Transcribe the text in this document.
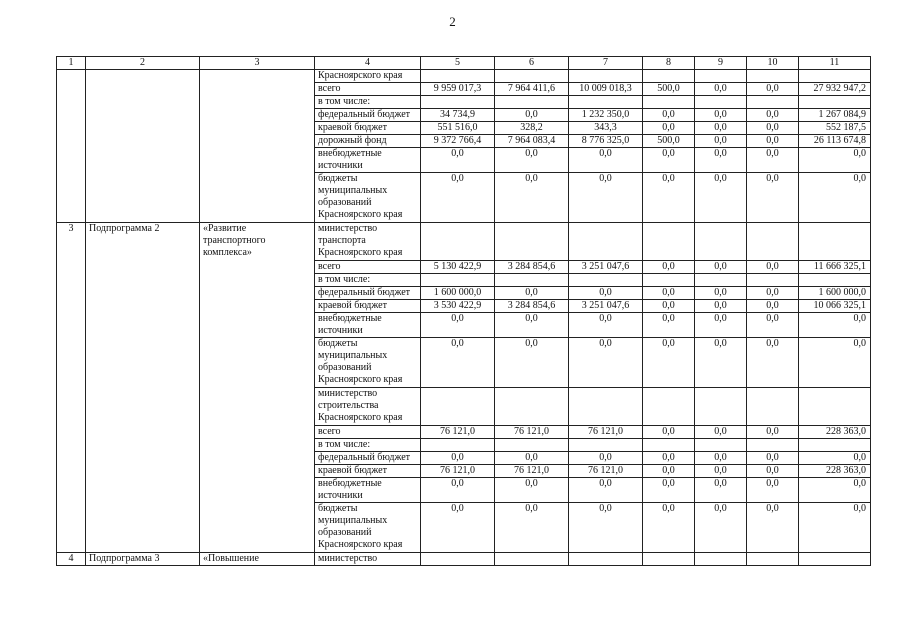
2
1	2	3	4	5	6	7	8	9	10	11
			Красноярского края							
			всего	9 959 017,3	7 964 411,6	10 009 018,3	500,0	0,0	0,0	27 932 947,2
			в том числе:							
			федеральный бюджет	34 734,9	0,0	1 232 350,0	0,0	0,0	0,0	1 267 084,9
			краевой бюджет	551 516,0	328,2	343,3	0,0	0,0	0,0	552 187,5
			дорожный фонд	9 372 766,4	7 964 083,4	8 776 325,0	500,0	0,0	0,0	26 113 674,8
			внебюджетные источники	0,0	0,0	0,0	0,0	0,0	0,0	0,0
			бюджеты муниципальных образований Красноярского края	0,0	0,0	0,0	0,0	0,0	0,0	0,0
3	Подпрограмма 2	«Развитие транспортного комплекса»	министерство транспорта Красноярского края							
			всего	5 130 422,9	3 284 854,6	3 251 047,6	0,0	0,0	0,0	11 666 325,1
			в том числе:							
			федеральный бюджет	1 600 000,0	0,0	0,0	0,0	0,0	0,0	1 600 000,0
			краевой бюджет	3 530 422,9	3 284 854,6	3 251 047,6	0,0	0,0	0,0	10 066 325,1
			внебюджетные источники	0,0	0,0	0,0	0,0	0,0	0,0	0,0
			бюджеты муниципальных образований Красноярского края	0,0	0,0	0,0	0,0	0,0	0,0	0,0
			министерство строительства Красноярского края							
			всего	76 121,0	76 121,0	76 121,0	0,0	0,0	0,0	228 363,0
			в том числе:							
			федеральный бюджет	0,0	0,0	0,0	0,0	0,0	0,0	0,0
			краевой бюджет	76 121,0	76 121,0	76 121,0	0,0	0,0	0,0	228 363,0
			внебюджетные источники	0,0	0,0	0,0	0,0	0,0	0,0	0,0
			бюджеты муниципальных образований Красноярского края	0,0	0,0	0,0	0,0	0,0	0,0	0,0
4	Подпрограмма 3	«Повышение	министерство							
